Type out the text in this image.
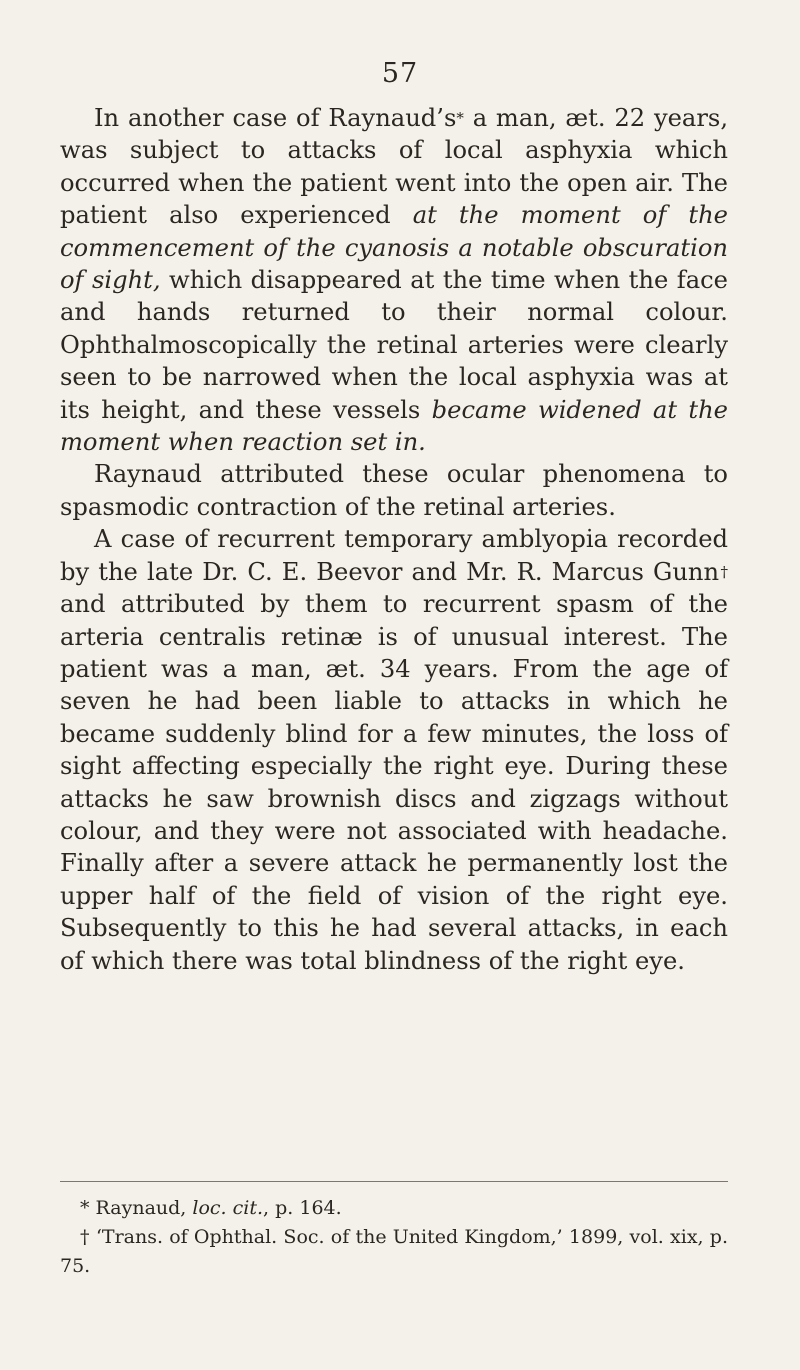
57

In another case of Raynaud’s* a man, æt. 22 years, was subject to attacks of local asphyxia which occurred when the patient went into the open air. The patient also experienced at the moment of the commencement of the cyanosis a notable obscuration of sight, which disappeared at the time when the face and hands returned to their normal colour. Ophthalmoscopically the retinal arteries were clearly seen to be narrowed when the local asphyxia was at its height, and these vessels became widened at the moment when reaction set in.

Raynaud attributed these ocular phenomena to spasmodic contraction of the retinal arteries.

A case of recurrent temporary amblyopia recorded by the late Dr. C. E. Beevor and Mr. R. Marcus Gunn† and attributed by them to recurrent spasm of the arteria centralis retinæ is of unusual interest. The patient was a man, æt. 34 years. From the age of seven he had been liable to attacks in which he became suddenly blind for a few minutes, the loss of sight affecting especially the right eye. During these attacks he saw brownish discs and zigzags without colour, and they were not associated with headache. Finally after a severe attack he permanently lost the upper half of the field of vision of the right eye. Subsequently to this he had several attacks, in each of which there was total blindness of the right eye.

* Raynaud, loc. cit., p. 164.

† ‘Trans. of Ophthal. Soc. of the United Kingdom,’ 1899, vol. xix, p. 75.
